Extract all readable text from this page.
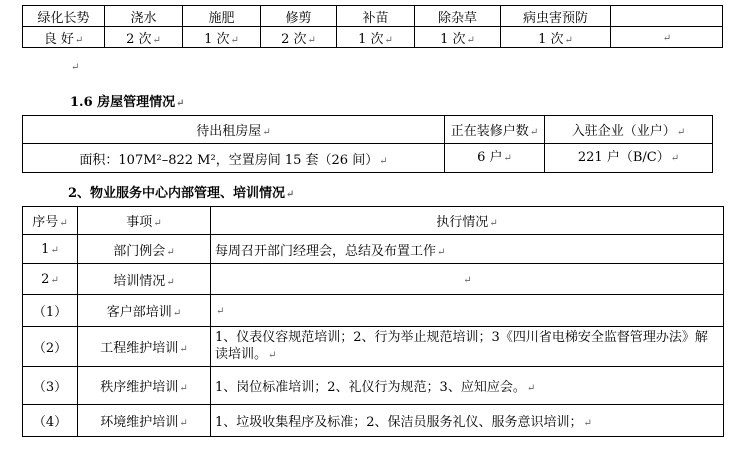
绿化长势	浇水	施肥	修剪	补苗	除杂草	病虫害预防	
良 好↵	2 次↵	1 次↵	2 次↵	1 次↵	1 次↵	1 次↵	↵
↵
1.6 房屋管理情况↵
待出租房屋↵	正在装修户数↵	入驻企业（业户）↵
面积：107M²–822 M²，空置房间 15 套（26 间）↵	6 户↵	221 户（B/C）↵
2、物业服务中心内部管理、培训情况↵
序号↵	事项↵	执行情况↵
1↵	部门例会↵	每周召开部门经理会，总结及布置工作↵
2↵	培训情况↵	↵
（1）	客户部培训↵	↵
（2）	工程维护培训↵	1、仪表仪容规范培训；2、行为举止规范培训；3《四川省电梯安全监督管理办法》解读培训。↵
（3）	秩序维护培训↵	1、岗位标准培训；2、礼仪行为规范；3、应知应会。↵
（4）	环境维护培训↵	1、垃圾收集程序及标准；2、保洁员服务礼仪、服务意识培训；↵
